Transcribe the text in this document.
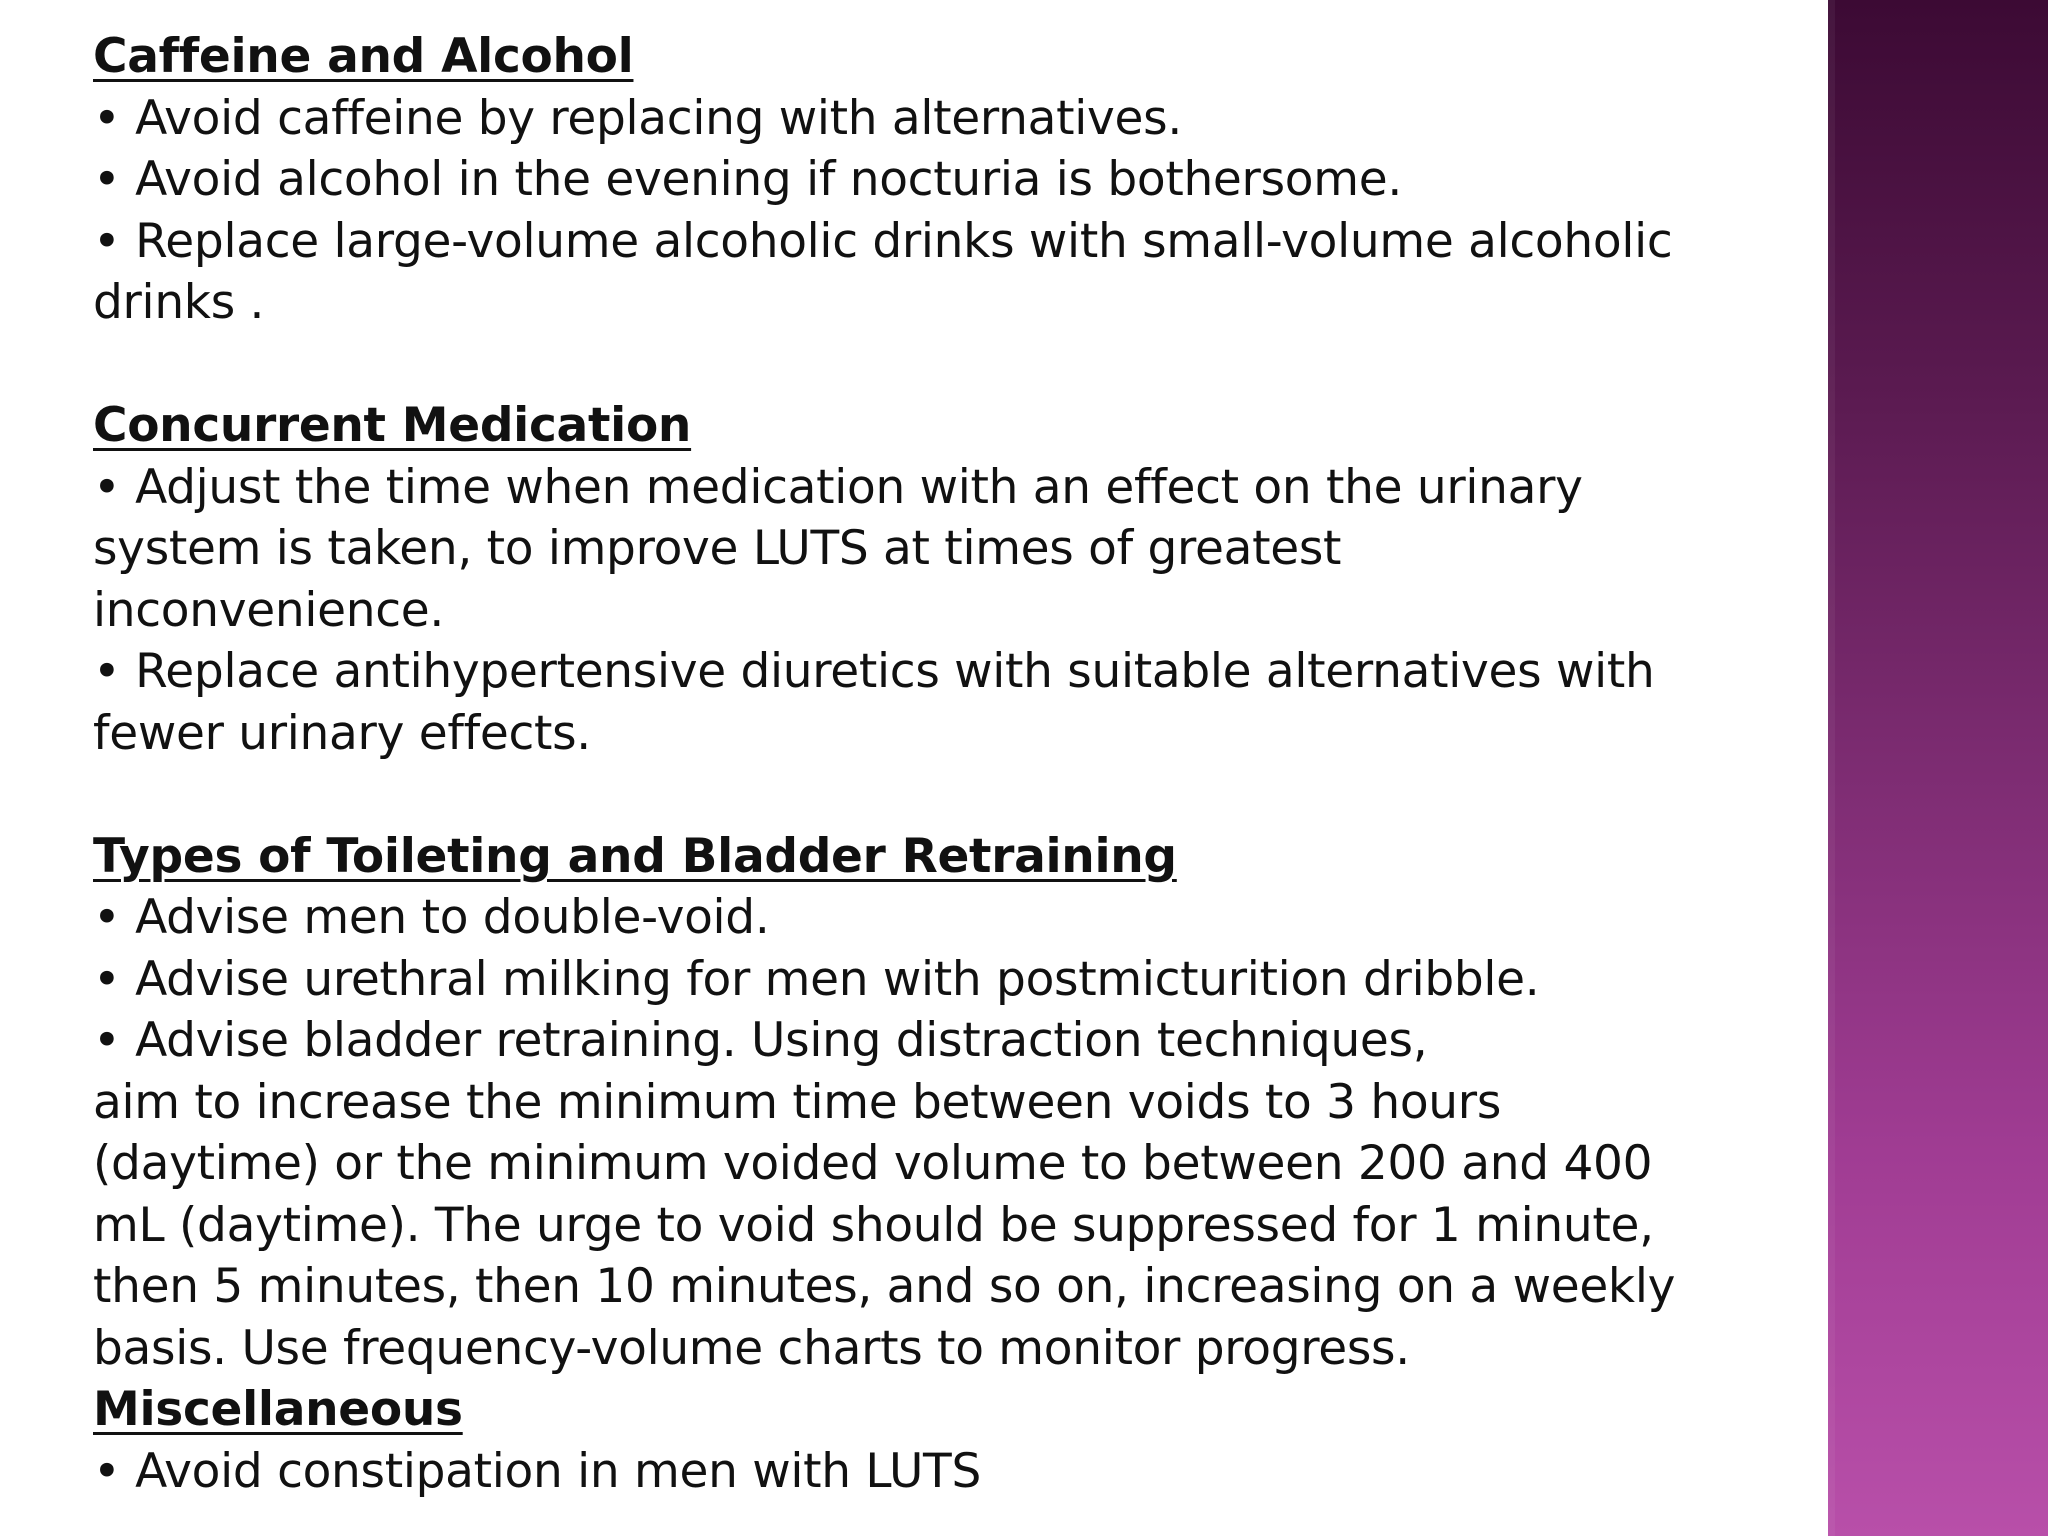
Caffeine and Alcohol
• Avoid caffeine by replacing with alternatives.
• Avoid alcohol in the evening if nocturia is bothersome.
• Replace large-volume alcoholic drinks with small-volume alcoholic
drinks .
Concurrent Medication
• Adjust the time when medication with an effect on the urinary
system is taken, to improve LUTS at times of greatest
inconvenience.
• Replace antihypertensive diuretics with suitable alternatives with
fewer urinary effects.
Types of Toileting and Bladder Retraining
• Advise men to double-void.
• Advise urethral milking for men with postmicturition dribble.
• Advise bladder retraining. Using distraction techniques,
aim to increase the minimum time between voids to 3 hours
(daytime) or the minimum voided volume to between 200 and 400
mL (daytime). The urge to void should be suppressed for 1 minute,
then 5 minutes, then 10 minutes, and so on, increasing on a weekly
basis. Use frequency-volume charts to monitor progress.
Miscellaneous
• Avoid constipation in men with LUTS
